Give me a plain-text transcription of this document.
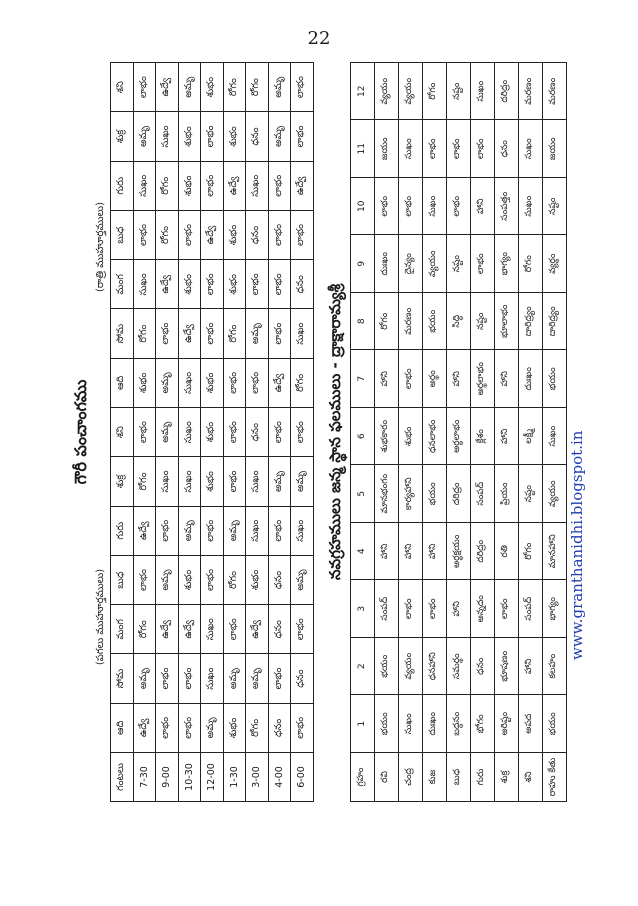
22
గౌరీ పంచాంగము
(పగలు ముహూర్తములు)
(రాత్రి ముహూర్తములు)
గంటలు	ఆది	సోమ	మంగ	బుధ	గురు	శుక్ర	శని	ఆది	సోమ	మంగ	బుధ	గురు	శుక్ర	శని
7-30	ఉద్వే	అమృ	రోగం	లాభం	ఉద్వే	రోగం	లాభం	శుభం	రోగం	సుఖం	లాభం	సుఖం	అమృ	లాభం
9-00	లాభం	లాభం	ఉద్వే	అమృ	లాభం	సుఖం	అమృ	అమృ	లాభం	ఉద్వే	రోగం	రోగం	సుఖం	ఉద్వే
10-30	లాభం	లాభం	ఉద్వే	శుభం	అమృ	సుఖం	సుఖం	సుఖం	ఉద్వే	శుభం	లాభం	శుభం	శుభం	అమృ
12-00	అమృ	సుఖం	సుఖం	లాభం	లాభం	శుభం	శుభం	శుభం	లాభం	లాభం	ఉద్వే	లాభం	లాభం	శుభం
1-30	శుభం	అమృ	లాభం	రోగం	అమృ	లాభం	లాభం	లాభం	రోగం	శుభం	శుభం	ఉద్వే	శుభం	రోగం
3-00	రోగం	అమృ	ఉద్వే	శుభం	సుఖం	సుఖం	ధనం	లాభం	అమృ	లాభం	ధనం	సుఖం	ధనం	రోగం
4-00	ధనం	లాభం	ధనం	ధనం	లాభం	అమృ	లాభం	ఉద్వే	లాభం	లాభం	లాభం	లాభం	అమృ	అమృ
6-00	లాభం	ధనం	లాభం	అమృ	సుఖం	అమృ	లాభం	రోగం	సుఖం	ధనం	లాభం	ఉద్వే	లాభం	లాభం
నవగ్రహములు జన్మ స్థాన ఫలములు - ద్రాక్షారామ్యశ్రీ
గ్రహం	1	2	3	4	5	6	7	8	9	10	11	12
రవి	భయం	భయం	సంపద్	హాని	మానభంగం	శుభకారం	హాని	రోగం	దుఃఖం	లాభం	జయం	వ్యయం
చంద్ర	సుఖం	వ్యయం	లాభం	హాని	కార్యహాని	శుభం	లాభం	మరణం	దైన్యం	లాభం	సుఖం	వ్యయం
కుజ	దుఃఖం	ధనహాని	లాభం	హాని	భయం	ధనలాభం	అర్థం	భయం	వ్యయం	సుఖం	లాభం	రోగం
బుధ	బద్ధనం	సమర్థం	హాని	అర్థక్షయం	దరిద్రం	అర్థలాభం	హాని	సిద్ధి	నష్టం	లాభం	లాభం	నష్టం
గురు	భోగం	ధనం	అన్నదం	దరిద్రం	సంపద్	క్లేశం	అర్థలాభం	నష్టం	లాభం	హాని	లాభం	సుఖం
శుక్ర	అరిష్టం	భూషణం	లాభం	రతి	ప్రియం	హాని	హాని	భూలాభం	భాగ్యం	సంపత్తం	ధనం	దరిద్రం
శని	అపద	హాని	సంపద్	రోగం	నష్టం	లక్ష్మీ	దుఃఖం	దారిద్ర్యం	రోగం	సుఖం	సుఖం	మరణం
రాహు కేతు	భయం	కలహం	భాగ్యం	మానహాని	వ్యయం	సుఖం	భయం	దారిద్ర్యం	వ్యర్థం	నష్టం	జయం	మరణం
www.granthanidhi.blogspot.in
